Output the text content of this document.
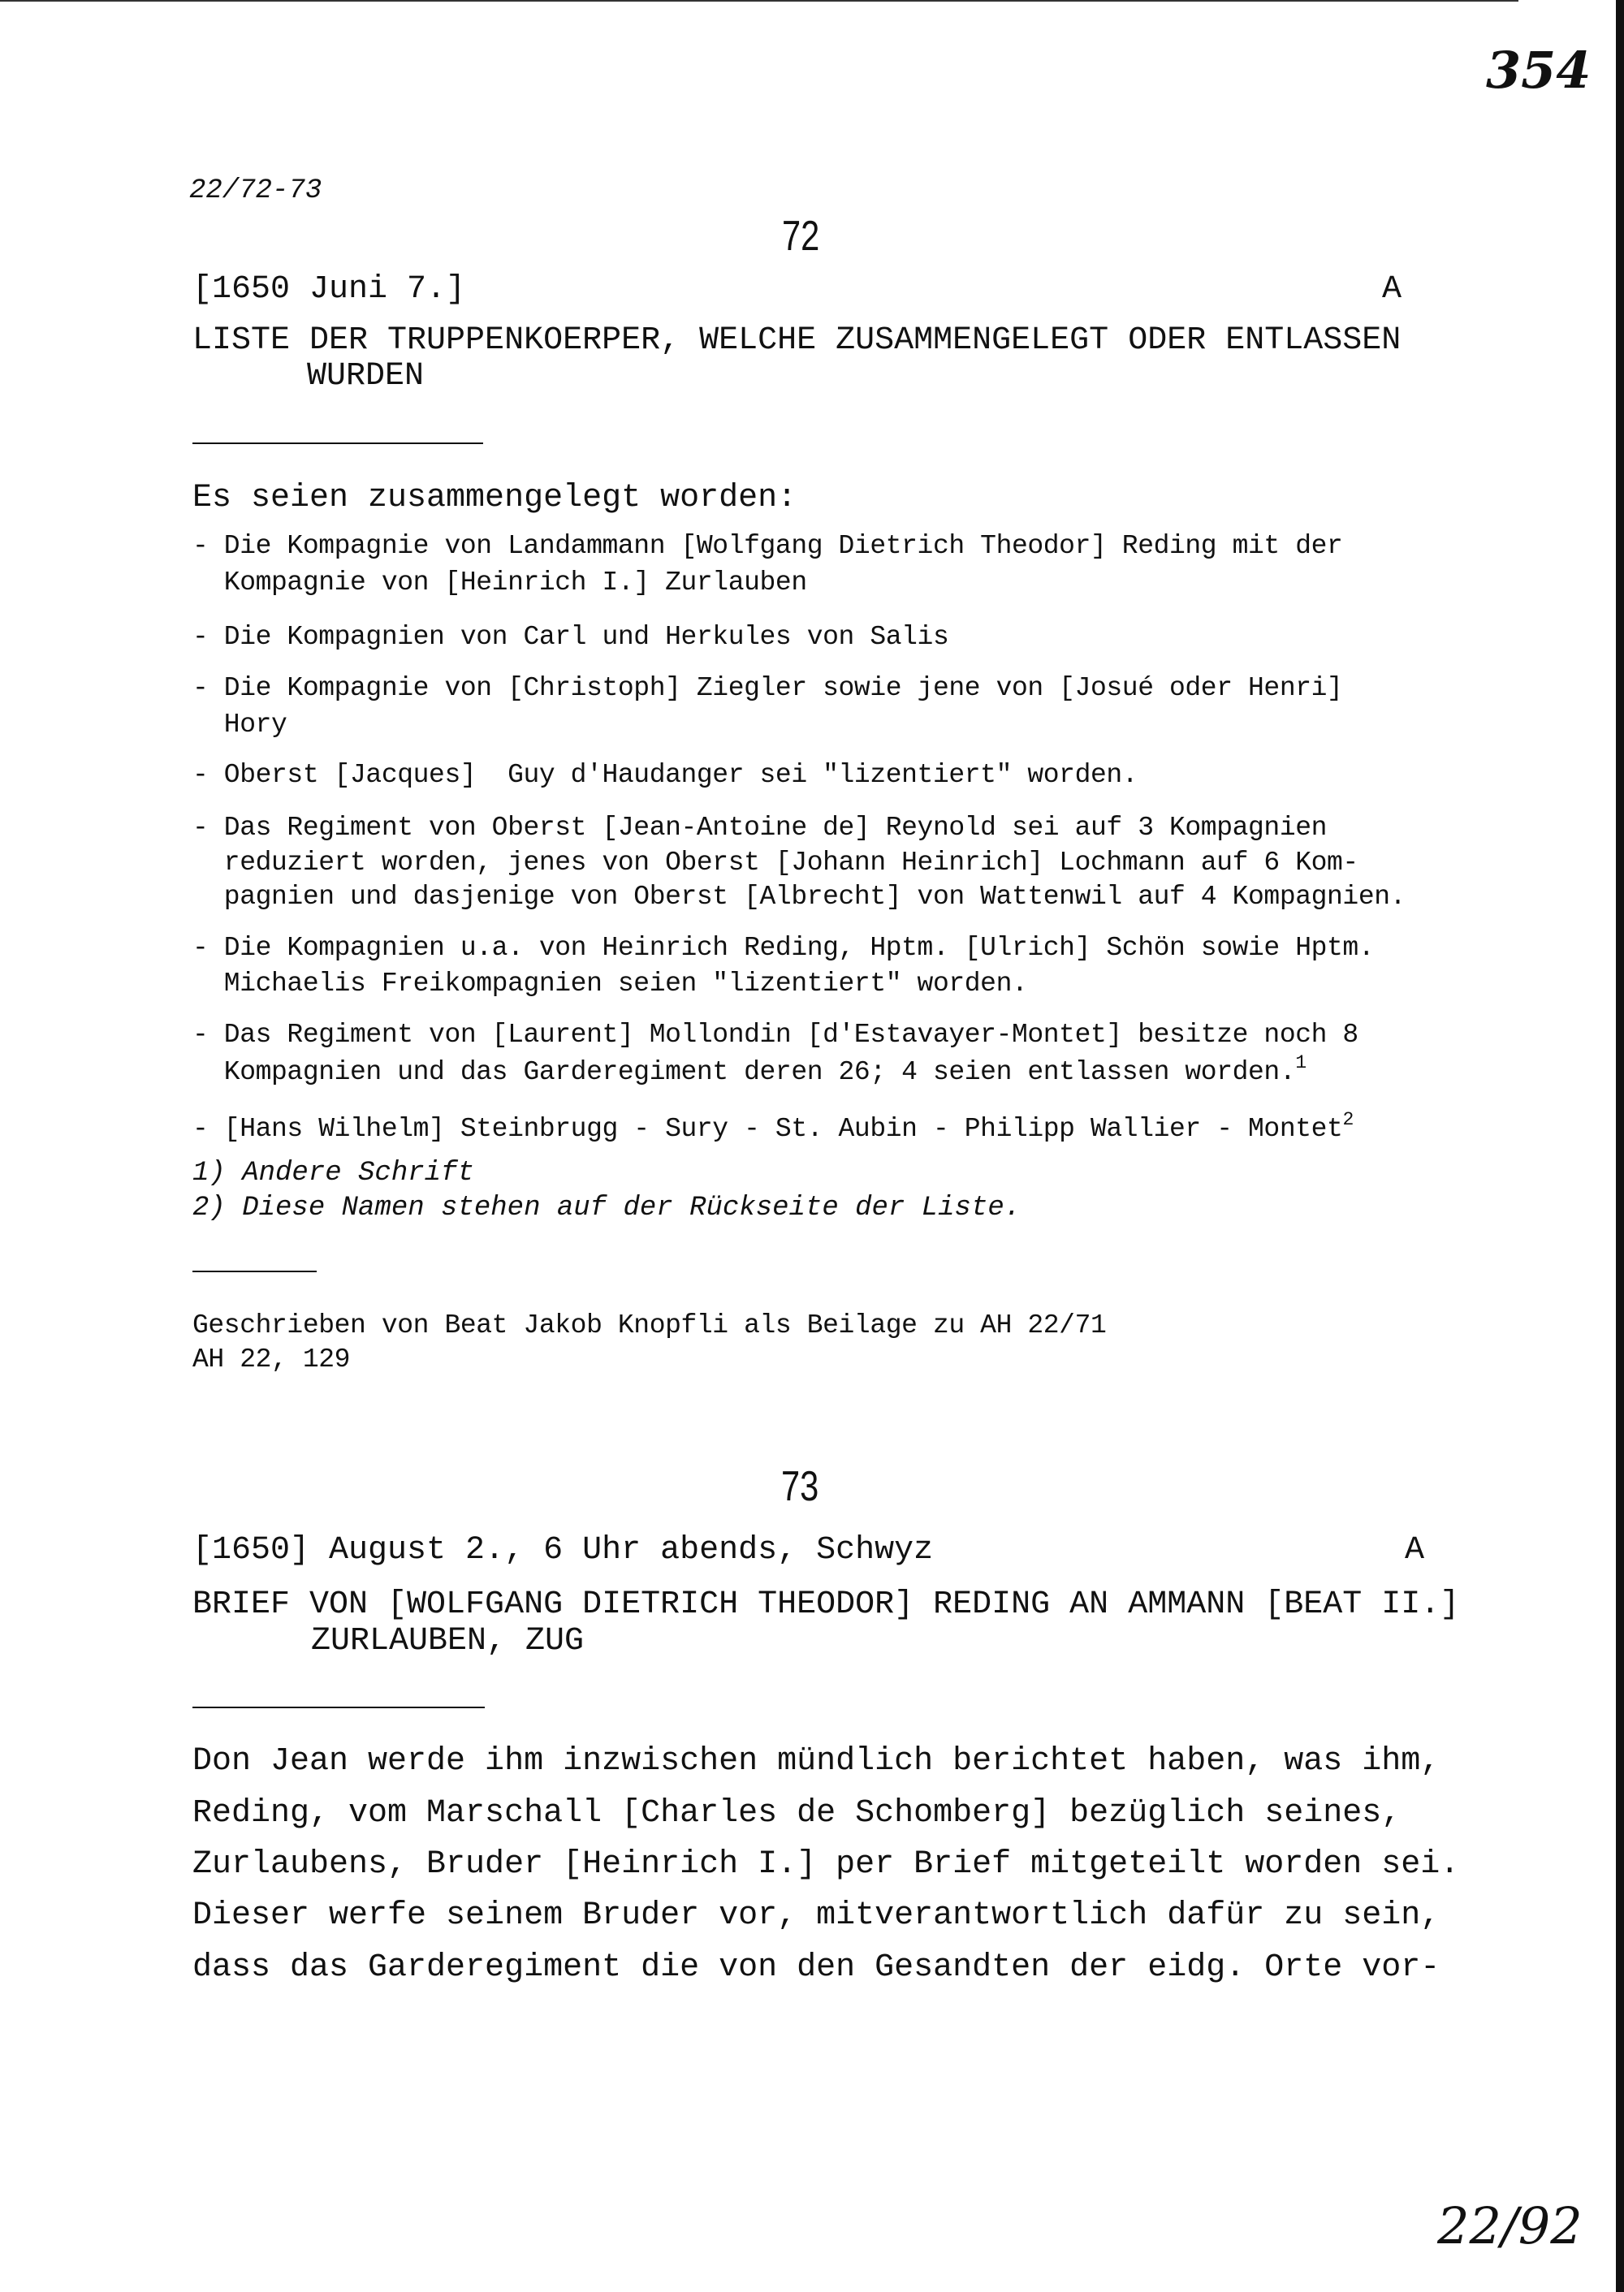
354
22/72-73
72
[1650 Juni 7.]	A
LISTE DER TRUPPENKOERPER, WELCHE ZUSAMMENGELEGT ODER ENTLASSEN
WURDEN
Es seien zusammengelegt worden:
- Die Kompagnie von Landammann [Wolfgang Dietrich Theodor] Reding mit der
Kompagnie von [Heinrich I.] Zurlauben
- Die Kompagnien von Carl und Herkules von Salis
- Die Kompagnie von [Christoph] Ziegler sowie jene von [Josué oder Henri]
Hory
- Oberst [Jacques]  Guy d'Haudanger sei "lizentiert" worden.
- Das Regiment von Oberst [Jean-Antoine de] Reynold sei auf 3 Kompagnien
reduziert worden, jenes von Oberst [Johann Heinrich] Lochmann auf 6 Kom-
pagnien und dasjenige von Oberst [Albrecht] von Wattenwil auf 4 Kompagnien.
- Die Kompagnien u.a. von Heinrich Reding, Hptm. [Ulrich] Schön sowie Hptm.
Michaelis Freikompagnien seien "lizentiert" worden.
- Das Regiment von [Laurent] Mollondin [d'Estavayer-Montet] besitze noch 8
Kompagnien und das Garderegiment deren 26; 4 seien entlassen worden.$^1$
- [Hans Wilhelm] Steinbrugg - Sury - St. Aubin - Philipp Wallier - Montet$^2$
1) Andere Schrift
2) Diese Namen stehen auf der Rückseite der Liste.
Geschrieben von Beat Jakob Knopfli als Beilage zu AH 22/71
AH 22, 129
73
[1650] August 2., 6 Uhr abends, Schwyz	A
BRIEF VON [WOLFGANG DIETRICH THEODOR] REDING AN AMMANN [BEAT II.]
ZURLAUBEN, ZUG
Don Jean werde ihm inzwischen mündlich berichtet haben, was ihm,
Reding, vom Marschall [Charles de Schomberg] bezüglich seines,
Zurlaubens, Bruder [Heinrich I.] per Brief mitgeteilt worden sei.
Dieser werfe seinem Bruder vor, mitverantwortlich dafür zu sein,
dass das Garderegiment die von den Gesandten der eidg. Orte vor-
22/92
